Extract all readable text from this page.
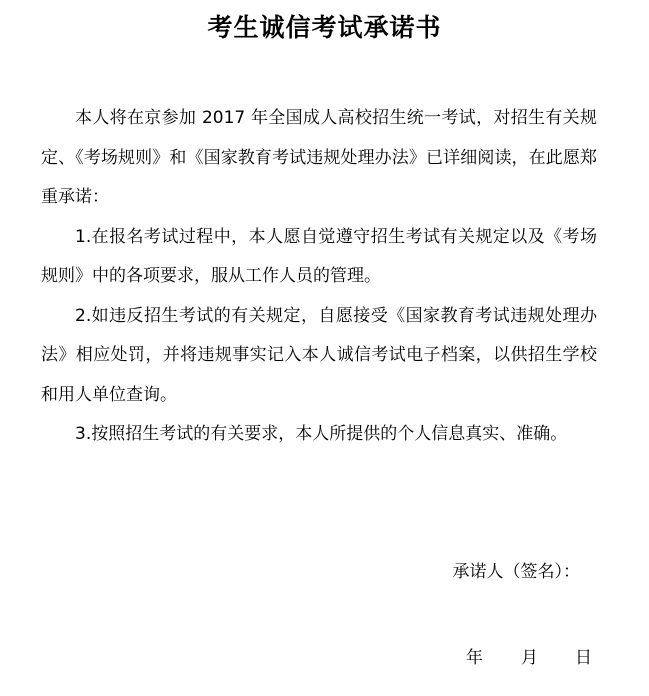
考生诚信考试承诺书

本人将在京参加 2017 年全国成人高校招生统一考试，对招生有关规定、《考场规则》和《国家教育考试违规处理办法》已详细阅读，在此愿郑重承诺：

1.在报名考试过程中，本人愿自觉遵守招生考试有关规定以及《考场规则》中的各项要求，服从工作人员的管理。

2.如违反招生考试的有关规定，自愿接受《国家教育考试违规处理办法》相应处罚，并将违规事实记入本人诚信考试电子档案，以供招生学校和用人单位查询。

3.按照招生考试的有关要求，本人所提供的个人信息真实、准确。

承诺人（签名）：
年 月 日
